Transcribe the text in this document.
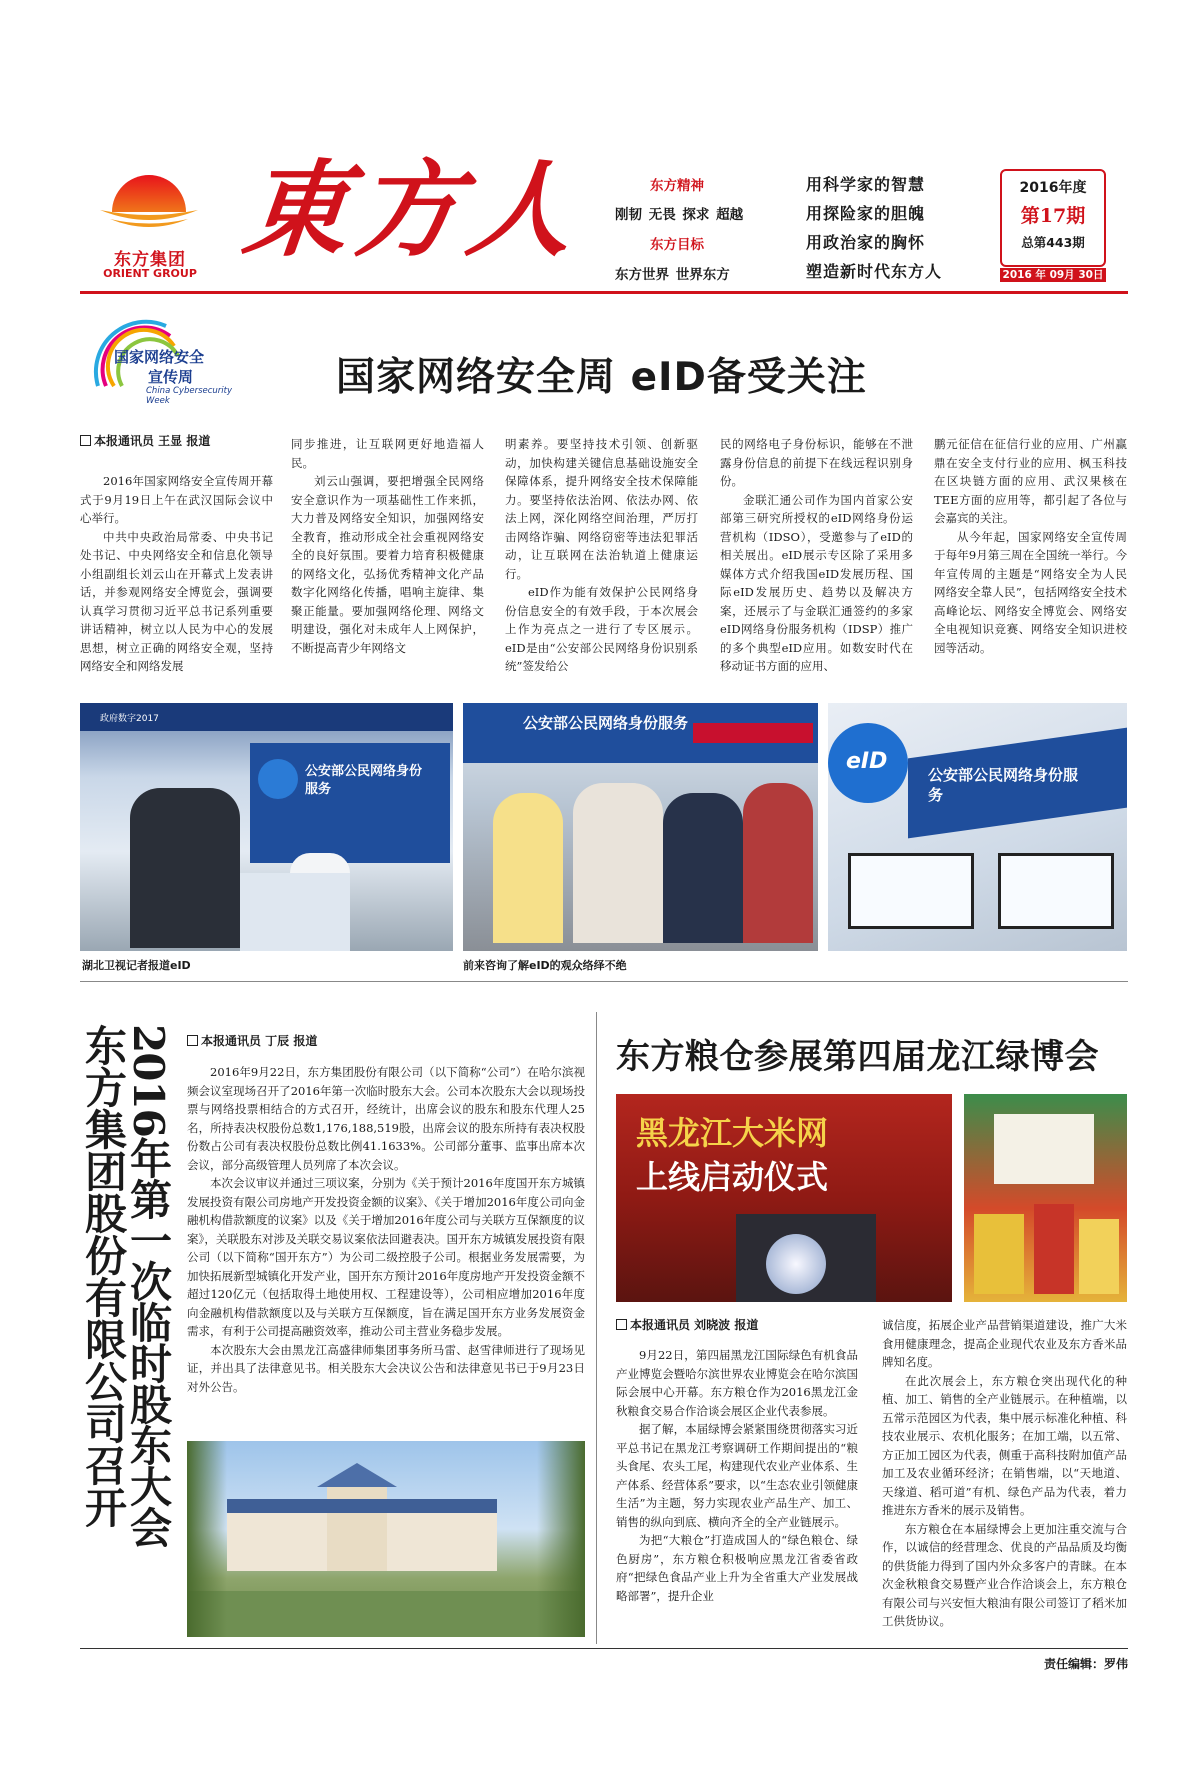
东方集团
ORIENT GROUP
東方人	东方精神
刚韧 无畏 探求 超越
东方目标
东方世界 世界东方
用科学家的智慧
用探险家的胆魄
用政治家的胸怀
塑造新时代东方人
2016年度
第17期
总第443期
2016 年 09月 30日
国家网络安全
宣传周
China Cybersecurity Week
国家网络安全周 eID备受关注
本报通讯员 王显 报道

2016年国家网络安全宣传周开幕式于9月19日上午在武汉国际会议中心举行。

中共中央政治局常委、中央书记处书记、中央网络安全和信息化领导小组副组长刘云山在开幕式上发表讲话，并参观网络安全博览会，强调要认真学习贯彻习近平总书记系列重要讲话精神，树立以人民为中心的发展思想，树立正确的网络安全观，坚持网络安全和网络发展

同步推进，让互联网更好地造福人民。

刘云山强调，要把增强全民网络安全意识作为一项基础性工作来抓，大力普及网络安全知识，加强网络安全教育，推动形成全社会重视网络安全的良好氛围。要着力培育积极健康的网络文化，弘扬优秀精神文化产品数字化网络化传播，唱响主旋律、集聚正能量。要加强网络伦理、网络文明建设，强化对未成年人上网保护，不断提高青少年网络文

明素养。要坚持技术引领、创新驱动，加快构建关键信息基础设施安全保障体系，提升网络安全技术保障能力。要坚持依法治网、依法办网、依法上网，深化网络空间治理，严厉打击网络诈骗、网络窃密等违法犯罪活动，让互联网在法治轨道上健康运行。

eID作为能有效保护公民网络身份信息安全的有效手段，于本次展会上作为亮点之一进行了专区展示。eID是由“公安部公民网络身份识别系统”签发给公

民的网络电子身份标识，能够在不泄露身份信息的前提下在线远程识别身份。

金联汇通公司作为国内首家公安部第三研究所授权的eID网络身份运营机构（IDSO），受邀参与了eID的相关展出。eID展示专区除了采用多媒体方式介绍我国eID发展历程、国际eID发展历史、趋势以及解决方案，还展示了与金联汇通签约的多家eID网络身份服务机构（IDSP）推广的多个典型eID应用。如数安时代在移动证书方面的应用、

鹏元征信在征信行业的应用、广州赢鼎在安全支付行业的应用、枫玉科技在区块链方面的应用、武汉果核在TEE方面的应用等，都引起了各位与会嘉宾的关注。

从今年起，国家网络安全宣传周于每年9月第三周在全国统一举行。今年宣传周的主题是“网络安全为人民 网络安全靠人民”，包括网络安全技术高峰论坛、网络安全博览会、网络安全电视知识竞赛、网络安全知识进校园等活动。

政府数字2017
公安部公民网络身份服务
公安部公民网络身份服务
eID
公安部公民网络身份服务
湖北卫视记者报道eID	前来咨询了解eID的观众络绎不绝
东方集团股份有限公司召开
2016年第一次临时股东大会	本报通讯员 丁辰 报道

2016年9月22日，东方集团股份有限公司（以下简称“公司”）在哈尔滨视频会议室现场召开了2016年第一次临时股东大会。公司本次股东大会以现场投票与网络投票相结合的方式召开，经统计，出席会议的股东和股东代理人25名，所持表决权股份总数1,176,188,519股，出席会议的股东所持有表决权股份数占公司有表决权股份总数比例41.1633%。公司部分董事、监事出席本次会议，部分高级管理人员列席了本次会议。

本次会议审议并通过三项议案，分别为《关于预计2016年度国开东方城镇发展投资有限公司房地产开发投资金额的议案》、《关于增加2016年度公司向金融机构借款额度的议案》以及《关于增加2016年度公司与关联方互保额度的议案》，关联股东对涉及关联交易议案依法回避表决。国开东方城镇发展投资有限公司（以下简称“国开东方”）为公司二级控股子公司。根据业务发展需要，为加快拓展新型城镇化开发产业，国开东方预计2016年度房地产开发投资金额不超过120亿元（包括取得土地使用权、工程建设等），公司相应增加2016年度向金融机构借款额度以及与关联方互保额度，旨在满足国开东方业务发展资金需求，有利于公司提高融资效率，推动公司主营业务稳步发展。

本次股东大会由黑龙江高盛律师集团事务所马雷、赵雪律师进行了现场见证，并出具了法律意见书。相关股东大会决议公告和法律意见书已于9月23日对外公告。

东方粮仓参展第四届龙江绿博会
黑龙江大米网
上线启动仪式
本报通讯员 刘晓波 报道

9月22日，第四届黑龙江国际绿色有机食品产业博览会暨哈尔滨世界农业博览会在哈尔滨国际会展中心开幕。东方粮仓作为2016黑龙江金秋粮食交易合作洽谈会展区企业代表参展。

据了解，本届绿博会紧紧围绕贯彻落实习近平总书记在黑龙江考察调研工作期间提出的“粮头食尾、农头工尾，构建现代农业产业体系、生产体系、经营体系”要求，以“生态农业引领健康生活”为主题，努力实现农业产品生产、加工、销售的纵向到底、横向齐全的全产业链展示。

为把“大粮仓”打造成国人的“绿色粮仓、绿色厨房”，东方粮仓积极响应黑龙江省委省政府“把绿色食品产业上升为全省重大产业发展战略部署”，提升企业

诚信度，拓展企业产品营销渠道建设，推广大米食用健康理念，提高企业现代农业及东方香米品牌知名度。

在此次展会上，东方粮仓突出现代化的种植、加工、销售的全产业链展示。在种植端，以五常示范园区为代表，集中展示标准化种植、科技农业展示、农机化服务；在加工端，以五常、方正加工园区为代表，侧重于高科技附加值产品加工及农业循环经济；在销售端，以“天地道、天缘道、稻可道”有机、绿色产品为代表，着力推进东方香米的展示及销售。

东方粮仓在本届绿博会上更加注重交流与合作，以诚信的经营理念、优良的产品品质及均衡的供货能力得到了国内外众多客户的青睐。在本次金秋粮食交易暨产业合作洽谈会上，东方粮仓有限公司与兴安恒大粮油有限公司签订了稻米加工供货协议。

责任编辑：罗伟
